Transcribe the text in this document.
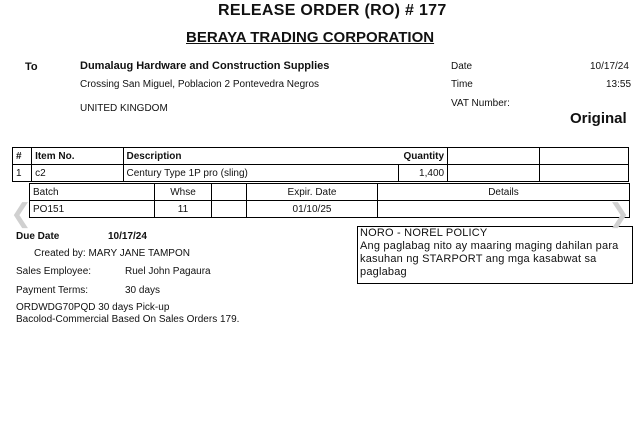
RELEASE ORDER (RO) # 177
BERAYA TRADING CORPORATION
To	Dumalaug Hardware and Construction Supplies
Crossing San Miguel, Poblacion 2 Pontevedra Negros
UNITED KINGDOM
Date	10/17/24
Time	13:55
VAT Number:
Original
#	Item No.	Description	Quantity		
1	c2	Century Type 1P pro (sling)	1,400		
Batch	Whse		Expir. Date	Details
PO151	11		01/10/25	
Due Date	10/17/24
Created by: MARY JANE TAMPON
Sales Employee:	Ruel John Pagaura
Payment Terms:	30 days
ORDWDG70PQD 30 days Pick-up
Bacolod-Commercial Based On Sales Orders 179.
NORO - NOREL POLICY
Ang paglabag nito ay maaring maging dahilan para kasuhan ng STARPORT ang mga kasabwat sa paglabag
❮	❯
